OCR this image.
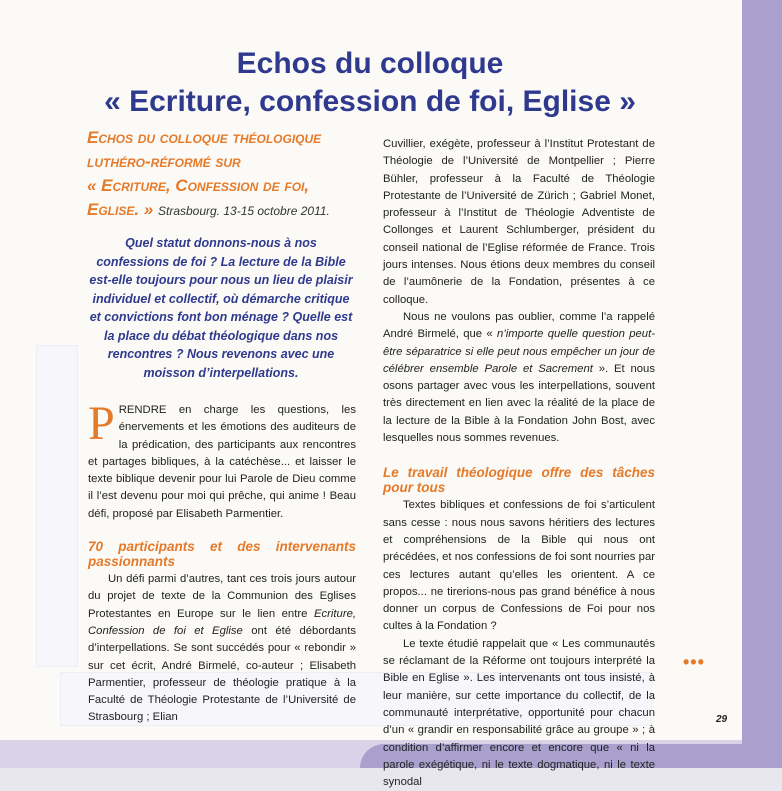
Echos du colloque
« Ecriture, confession de foi, Eglise »
Echos du colloque théologique
luthéro-réformé sur
« Ecriture, Confession de foi,
Eglise. » Strasbourg. 13-15 octobre 2011.
Quel statut donnons-nous à nos confessions de foi ? La lecture de la Bible est-elle toujours pour nous un lieu de plaisir individuel et collectif, où démarche critique et convictions font bon ménage ? Quelle est la place du débat théologique dans nos rencontres ? Nous revenons avec une moisson d’interpellations.

PRENDRE en charge les questions, les énervements et les émotions des auditeurs de la prédication, des participants aux rencontres et partages bibliques, à la catéchèse... et laisser le texte biblique devenir pour lui Parole de Dieu comme il l’est devenu pour moi qui prêche, qui anime ! Beau défi, proposé par Elisabeth Parmentier.

70 participants et des intervenants passionnants

Un défi parmi d’autres, tant ces trois jours autour du projet de texte de la Communion des Eglises Protestantes en Europe sur le lien entre Ecriture, Confession de foi et Eglise ont été débordants d’interpellations. Se sont succédés pour « rebondir » sur cet écrit, André Birmelé, co-auteur ; Elisabeth Parmentier, professeur de théologie pratique à la Faculté de Théologie Protestante de l’Université de Strasbourg ; Elian

Cuvillier, exégète, professeur à l’Institut Protestant de Théologie de l’Université de Montpellier ; Pierre Bühler, professeur à la Faculté de Théologie Protestante de l’Université de Zürich ; Gabriel Monet, professeur à l’Institut de Théologie Adventiste de Collonges et Laurent Schlumberger, président du conseil national de l’Eglise réformée de France. Trois jours intenses. Nous étions deux membres du conseil de l’aumônerie de la Fondation, présentes à ce colloque.

Nous ne voulons pas oublier, comme l’a rappelé André Birmelé, que « n’importe quelle question peut-être séparatrice si elle peut nous empêcher un jour de célébrer ensemble Parole et Sacrement ». Et nous osons partager avec vous les interpellations, souvent très directement en lien avec la réalité de la place de la lecture de la Bible à la Fondation John Bost, avec lesquelles nous sommes revenues.

Le travail théologique offre des tâches pour tous

Textes bibliques et confessions de foi s’articulent sans cesse : nous nous savons héritiers des lectures et compréhensions de la Bible qui nous ont précédées, et nos confessions de foi sont nourries par ces lectures autant qu’elles les orientent. A ce propos... ne tirerions-nous pas grand bénéfice à nous donner un corpus de Confessions de Foi pour nos cultes à la Fondation ?

Le texte étudié rappelait que « Les communautés se réclamant de la Réforme ont toujours interprété la Bible en Eglise ». Les intervenants ont tous insisté, à leur manière, sur cette importance du collectif, de la communauté interprétative, opportunité pour chacun d’un « grandir en responsabilité grâce au groupe » ; à condition d’affirmer encore et encore que « ni la parole exégétique, ni le texte dogmatique, ni le texte synodal

•••
29
